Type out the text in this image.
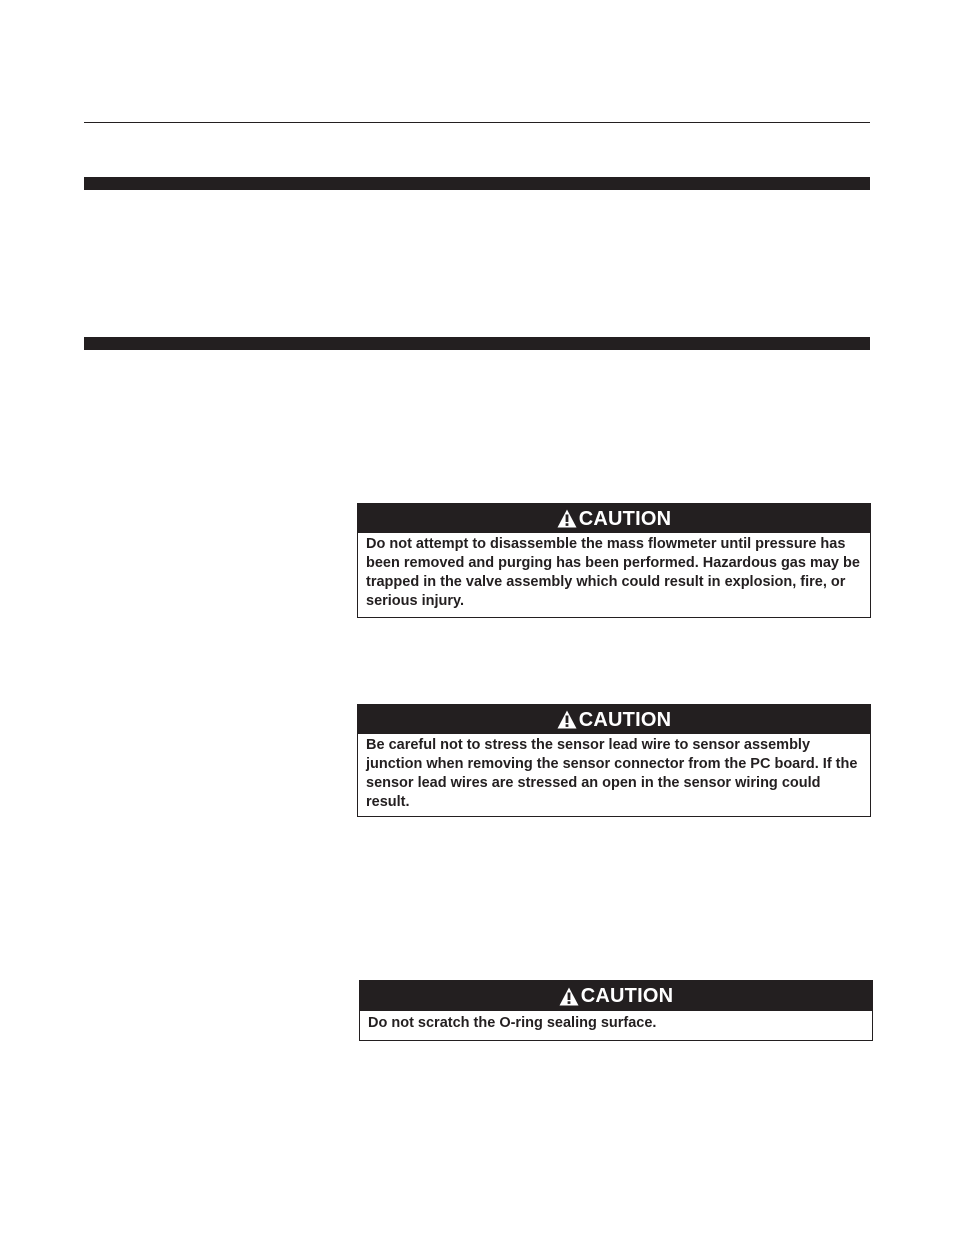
CAUTION
Do not attempt to disassemble the mass flowmeter until pressure has been removed and purging has been performed. Hazardous gas may be trapped in the valve assembly which could result in explosion, fire, or serious injury.
CAUTION
Be careful not to stress the sensor lead wire to sensor assembly junction when removing the sensor connector from the PC board. If the sensor lead wires are stressed an open in the sensor wiring could result.
CAUTION
Do not scratch the O-ring sealing surface.
